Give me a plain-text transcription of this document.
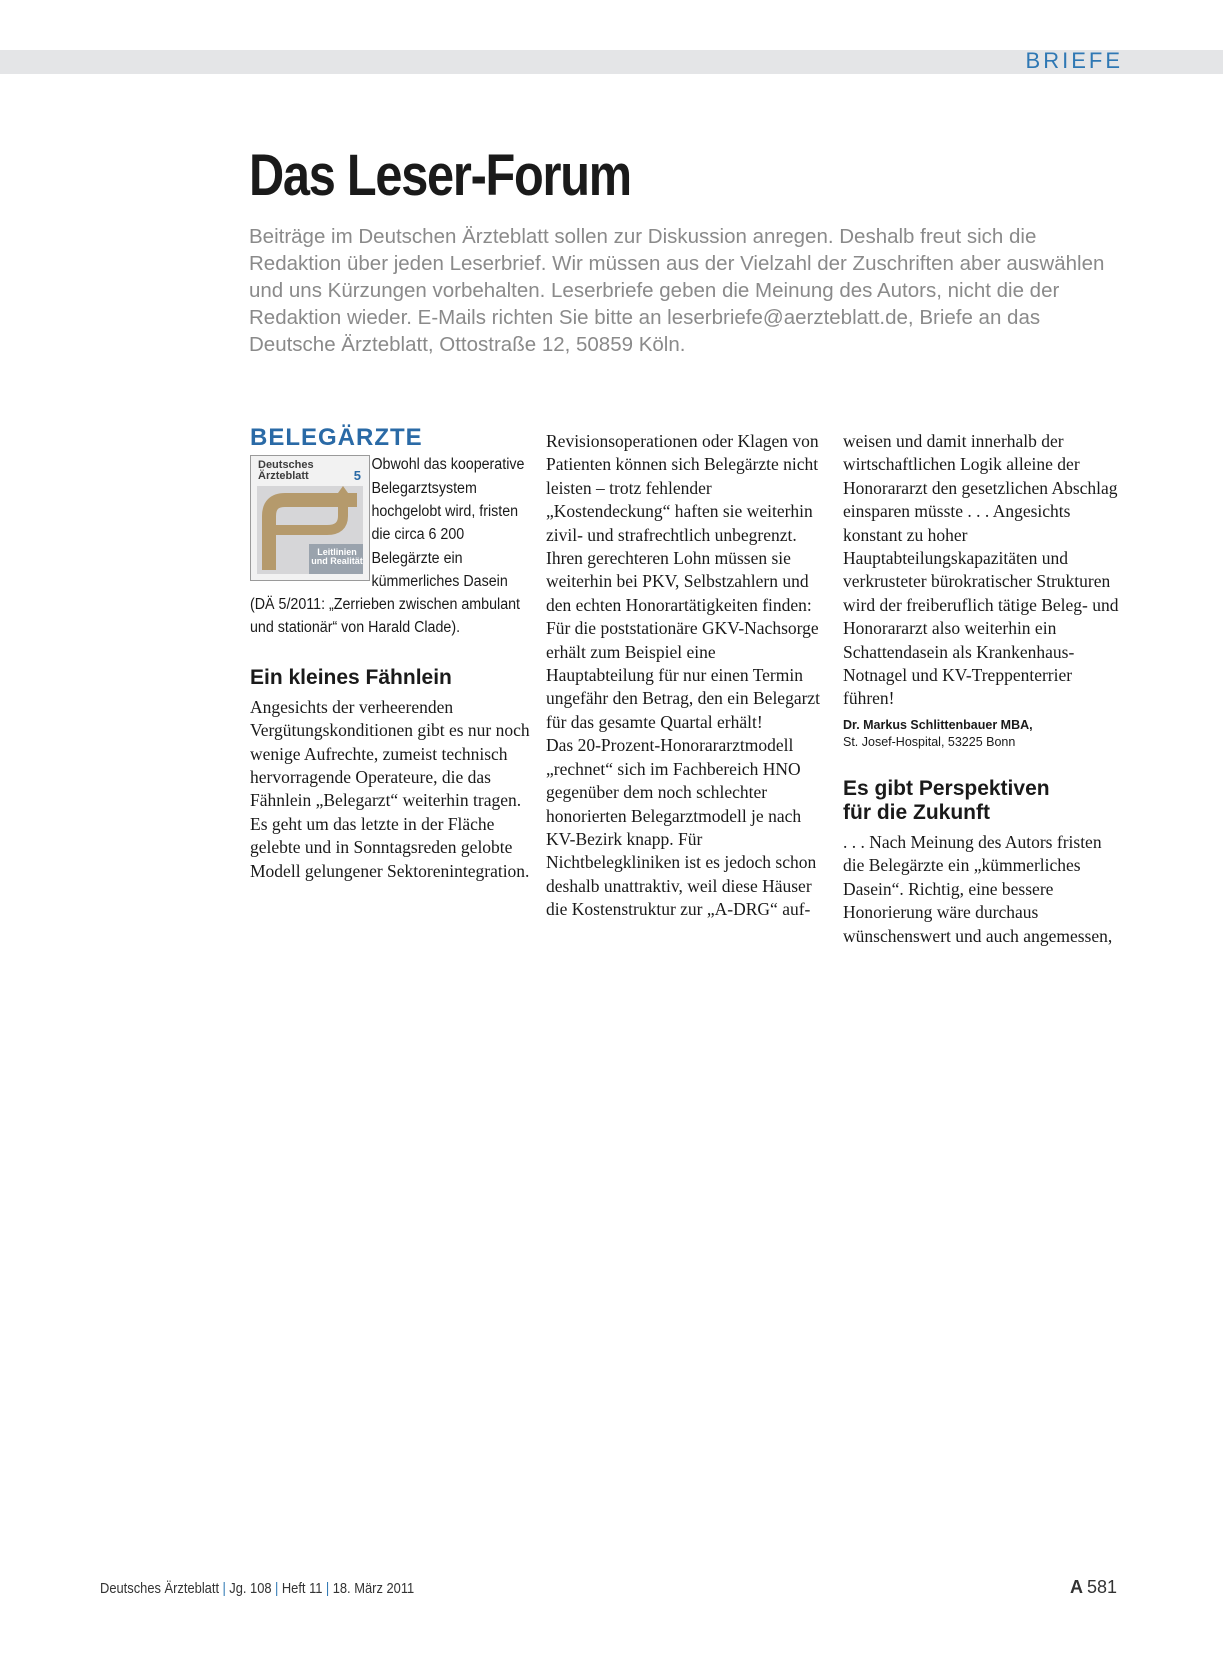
BRIEFE
Das Leser-Forum

Beiträge im Deutschen Ärzteblatt sollen zur Diskussion anregen. Deshalb freut sich die Redaktion über jeden Leserbrief. Wir müssen aus der Vielzahl der Zuschriften aber auswählen und uns Kürzungen vorbehalten. Leserbriefe geben die Meinung des Autors, nicht die der Redaktion wieder. E-Mails richten Sie bitte an leserbriefe@aerzteblatt.de, Briefe an das Deutsche Ärzteblatt, Ottostraße 12, 50859 Köln.

BELEGÄRZTE
Deutsches
Ärzteblatt	5
Leitlinien
und Realität

Obwohl das kooperative Belegarztsystem hochgelobt wird, fristen die circa 6 200 Belegärzte ein kümmerliches Dasein (DÄ 5/2011: „Zerrieben zwischen ambulant und stationär“ von Harald Clade).

Ein kleines Fähnlein

Angesichts der verheerenden Vergütungskonditionen gibt es nur noch wenige Aufrechte, zumeist technisch hervorragende Operateure, die das Fähnlein „Belegarzt“ weiterhin tragen. Es geht um das letzte in der Fläche gelebte und in Sonntagsreden gelobte Modell gelungener Sektorenintegration.

Revisionsoperationen oder Klagen von Patienten können sich Belegärzte nicht leisten – trotz fehlender „Kostendeckung“ haften sie weiterhin zivil- und strafrechtlich unbegrenzt. Ihren gerechteren Lohn müssen sie weiterhin bei PKV, Selbstzahlern und den echten Honorartätigkeiten finden: Für die poststationäre GKV-Nachsorge erhält zum Beispiel eine Hauptabteilung für nur einen Termin ungefähr den Betrag, den ein Belegarzt für das gesamte Quartal erhält!

Das 20-Prozent-Honorararztmodell „rechnet“ sich im Fachbereich HNO gegenüber dem noch schlechter honorierten Belegarztmodell je nach KV-Bezirk knapp. Für Nichtbelegkliniken ist es jedoch schon deshalb unattraktiv, weil diese Häuser die Kostenstruktur zur „A-DRG“ auf-

weisen und damit innerhalb der wirtschaftlichen Logik alleine der Honorararzt den gesetzlichen Abschlag einsparen müsste . . . Angesichts konstant zu hoher Hauptabteilungskapazitäten und verkrusteter bürokratischer Strukturen wird der freiberuflich tätige Beleg- und Honorararzt also weiterhin ein Schattendasein als Krankenhaus-Notnagel und KV-Treppenterrier führen!

Dr. Markus Schlittenbauer MBA,
St. Josef-Hospital, 53225 Bonn

Es gibt Perspektiven
für die Zukunft

. . . Nach Meinung des Autors fristen die Belegärzte ein „kümmerliches Dasein“. Richtig, eine bessere Honorierung wäre durchaus wünschenswert und auch angemessen,

Deutsches Ärzteblatt | Jg. 108 | Heft 11 | 18. März 2011	A 581
